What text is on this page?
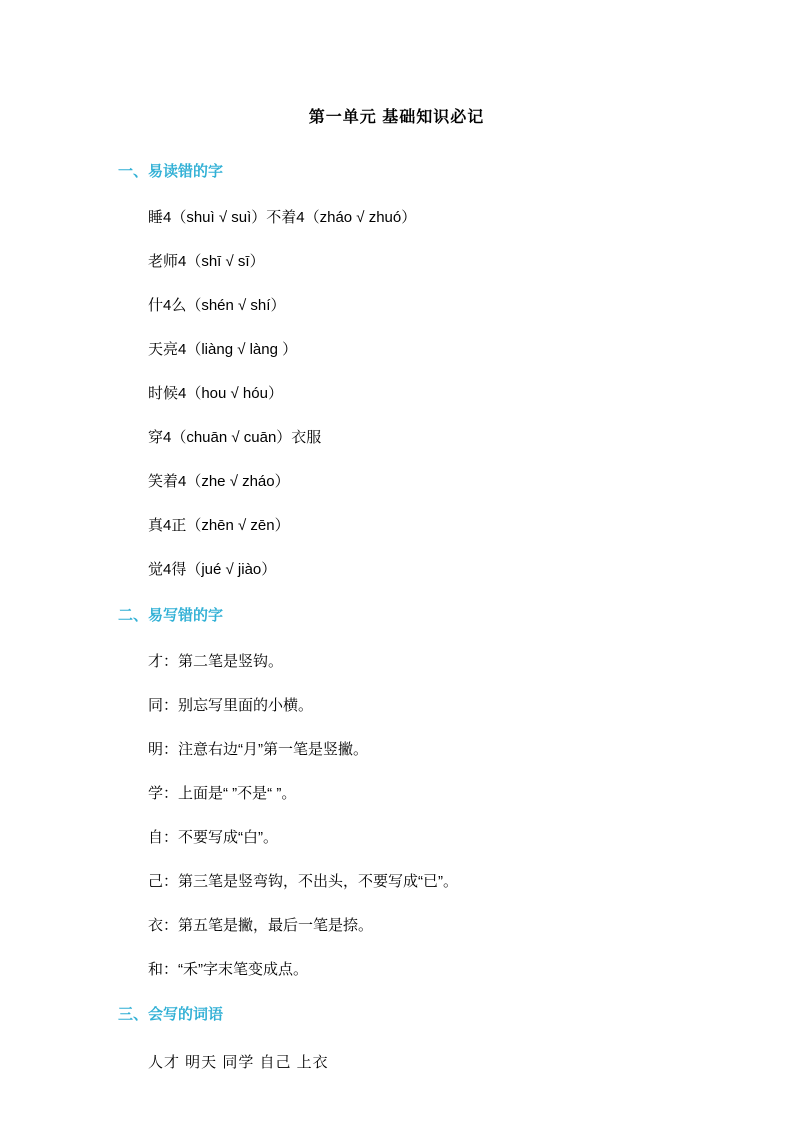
第一单元 基础知识必记
一、易读错的字
睡4（shuì √ suì）不着4（zháo √ zhuó）
老师4（shī √ sī）
什4么（shén √ shí）
天亮4（liàng √ làng ）
时候4（hou √ hóu）
穿4（chuān √ cuān）衣服
笑着4（zhe √ zháo）
真4正（zhēn √ zēn）
觉4得（jué √ jiào）
二、易写错的字
才：第二笔是竖钩。
同：别忘写里面的小横。
明：注意右边“月”第一笔是竖撇。
学：上面是“ ”不是“ ”。
自：不要写成“白”。
己：第三笔是竖弯钩，不出头，不要写成“已”。
衣：第五笔是撇，最后一笔是捺。
和：“禾”字末笔变成点。
三、会写的词语
人才 明天 同学 自己 上衣
